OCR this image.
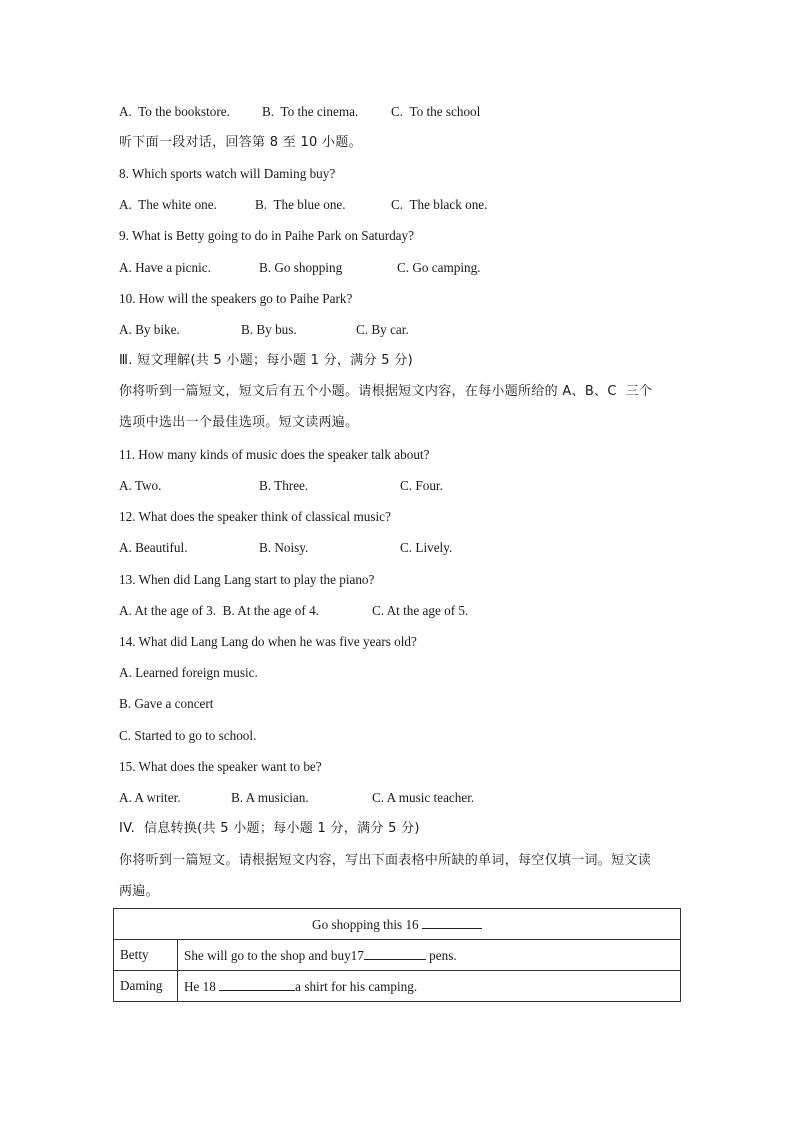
A.  To the bookstore. B.  To the cinema. C.  To the school
听下面一段对话，回答第 8 至 10 小题。
8. Which sports watch will Daming buy?
A.  The white one.	B.  The blue one.	C.  The black one.
9. What is Betty going to do in Paihe Park on Saturday?
A. Have a picnic.	B. Go shopping	C. Go camping.
10. How will the speakers go to Paihe Park?
A. By bike.	B. By bus.	C. By car.
Ⅲ. 短文理解(共 5 小题；每小题 1 分，满分 5 分)
你将听到一篇短文，短文后有五个小题。请根据短文内容，在每小题所给的 A、B、C  三个
选项中选出一个最佳选项。短文读两遍。
11. How many kinds of music does the speaker talk about?
A. Two.	B. Three.	C. Four.
12. What does the speaker think of classical music?
A. Beautiful.	B. Noisy.	C. Lively.
13. When did Lang Lang start to play the piano?
A. At the age of 3.  B. At the age of 4.	C. At the age of 5.
14. What did Lang Lang do when he was five years old?
A. Learned foreign music.
B. Gave a concert
C. Started to go to school.
15. What does the speaker want to be?
A. A writer.	B. A musician.	C. A music teacher.
IV.  信息转换(共 5 小题；每小题 1 分，满分 5 分)
你将听到一篇短文。请根据短文内容，写出下面表格中所缺的单词，每空仅填一词。短文读
两遍。
Go shopping this 16	
Betty	She will go to the shop and buy17 pens.
Daming	He 18 a shirt for his camping.
